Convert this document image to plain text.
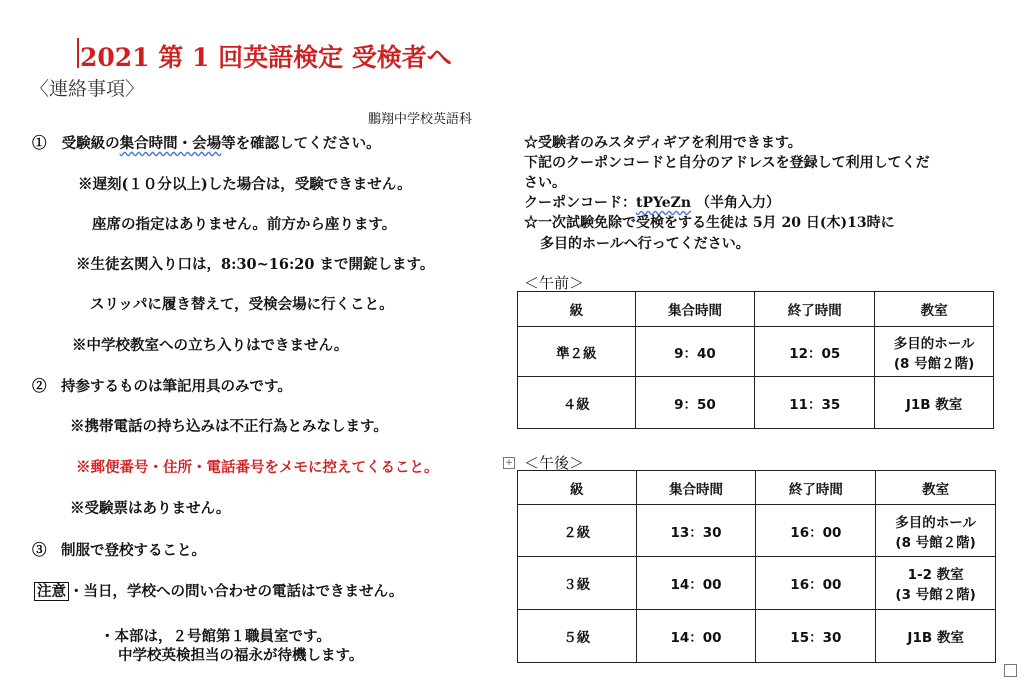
2021 第 1 回英語検定 受検者へ
〈連絡事項〉
鵬翔中学校英語科
① 受験級の集合時間・会場等を確認してください。
※遅刻(１０分以上)した場合は，受験できません。
座席の指定はありません。前方から座ります。
※生徒玄関入り口は，8:30~16:20 まで開錠します。
スリッパに履き替えて，受検会場に行くこと。
※中学校教室への立ち入りはできません。
②　持参するものは筆記用具のみです。
※携帯電話の持ち込みは不正行為とみなします。
※郵便番号・住所・電話番号をメモに控えてくること。
※受験票はありません。
③　制服で登校すること。
注意 ・当日，学校への問い合わせの電話はできません。
・本部は，２号館第１職員室です。
中学校英検担当の福永が待機します。
☆受験者のみスタディギアを利用できます。
下記のクーポンコードと自分のアドレスを登録して利用してくだ
さい。
クーポンコード：tPYeZn （半角入力）
☆一次試験免除で受検をする生徒は 5月 20 日(木)13時に
多目的ホールへ行ってください。
＜午前＞
級	集合時間	終了時間	教室
準２級	9：40	12：05	多目的ホール
(8 号館２階)
４級	9：50	11：35	J1B 教室
+ ＜午後＞
級	集合時間	終了時間	教室
２級	13：30	16：00	多目的ホール
(8 号館２階)
３級	14：00	16：00	1-2 教室
(3 号館２階)
５級	14：00	15：30	J1B 教室
